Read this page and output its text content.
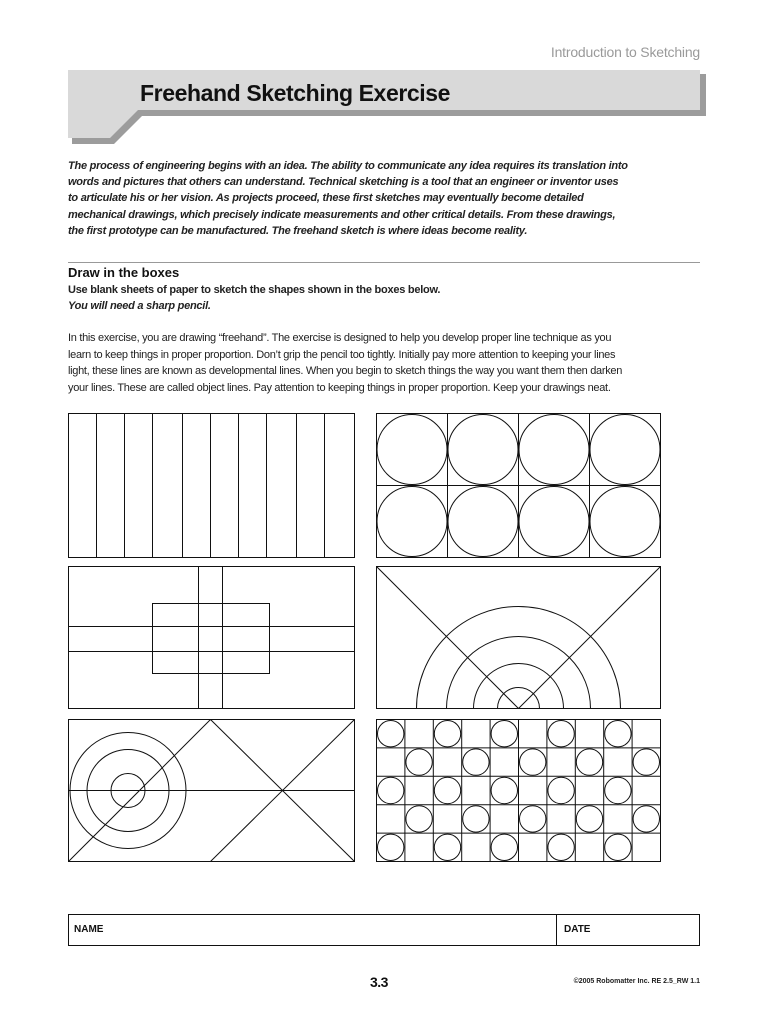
Introduction to Sketching
Freehand Sketching Exercise
The process of engineering begins with an idea. The ability to communicate any idea requires its translation into words and pictures that others can understand. Technical sketching is a tool that an engineer or inventor uses to articulate his or her vision. As projects proceed, these first sketches may eventually become detailed mechanical drawings, which precisely indicate measurements and other critical details. From these drawings, the first prototype can be manufactured. The freehand sketch is where ideas become reality.
Draw in the boxes
Use blank sheets of paper to sketch the shapes shown in the boxes below.
You will need a sharp pencil.
In this exercise, you are drawing “freehand”. The exercise is designed to help you develop proper line technique as you learn to keep things in proper proportion. Don’t grip the pencil too tightly. Initially pay more attention to keeping your lines light, these lines are known as developmental lines. When you begin to sketch things the way you want them then darken your lines. These are called object lines. Pay attention to keeping things in proper proportion. Keep your drawings neat.
NAME	DATE
3.3	©2005 Robomatter Inc. RE 2.5_RW 1.1
